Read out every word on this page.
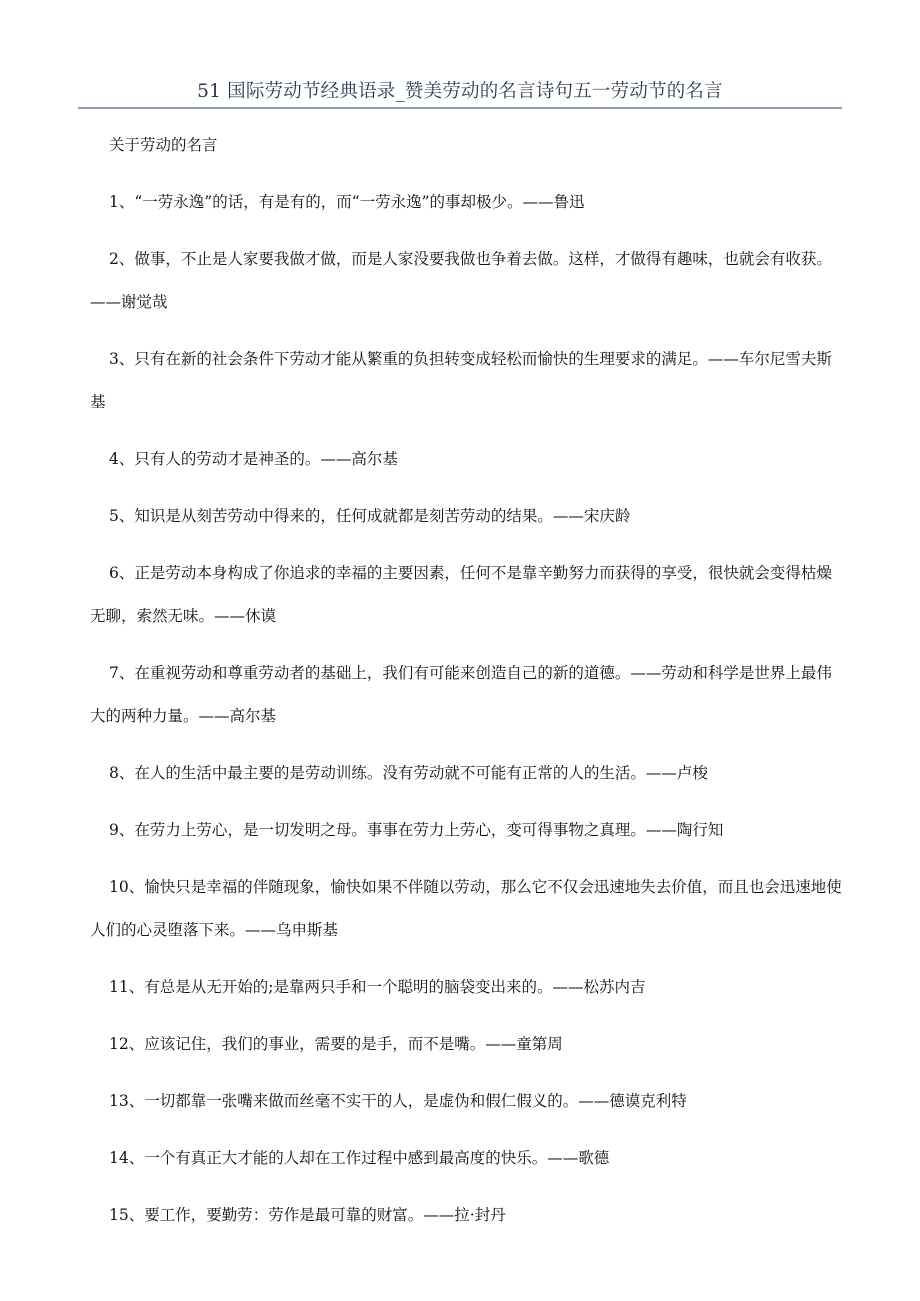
51 国际劳动节经典语录_赞美劳动的名言诗句五一劳动节的名言

关于劳动的名言

1、“一劳永逸”的话，有是有的，而“一劳永逸”的事却极少。——鲁迅

2、做事，不止是人家要我做才做，而是人家没要我做也争着去做。这样，才做得有趣味，也就会有收获。——谢觉哉

3、只有在新的社会条件下劳动才能从繁重的负担转变成轻松而愉快的生理要求的满足。——车尔尼雪夫斯基

4、只有人的劳动才是神圣的。——高尔基

5、知识是从刻苦劳动中得来的，任何成就都是刻苦劳动的结果。——宋庆龄

6、正是劳动本身构成了你追求的幸福的主要因素，任何不是靠辛勤努力而获得的享受，很快就会变得枯燥无聊，索然无味。——休谟

7、在重视劳动和尊重劳动者的基础上，我们有可能来创造自己的新的道德。——劳动和科学是世界上最伟大的两种力量。——高尔基

8、在人的生活中最主要的是劳动训练。没有劳动就不可能有正常的人的生活。——卢梭

9、在劳力上劳心，是一切发明之母。事事在劳力上劳心，变可得事物之真理。——陶行知

10、愉快只是幸福的伴随现象，愉快如果不伴随以劳动，那么它不仅会迅速地失去价值，而且也会迅速地使人们的心灵堕落下来。——乌申斯基

11、有总是从无开始的;是靠两只手和一个聪明的脑袋变出来的。——松苏内吉

12、应该记住，我们的事业，需要的是手，而不是嘴。——童第周

13、一切都靠一张嘴来做而丝毫不实干的人，是虚伪和假仁假义的。——德谟克利特

14、一个有真正大才能的人却在工作过程中感到最高度的快乐。——歌德

15、要工作，要勤劳：劳作是最可靠的财富。——拉·封丹
